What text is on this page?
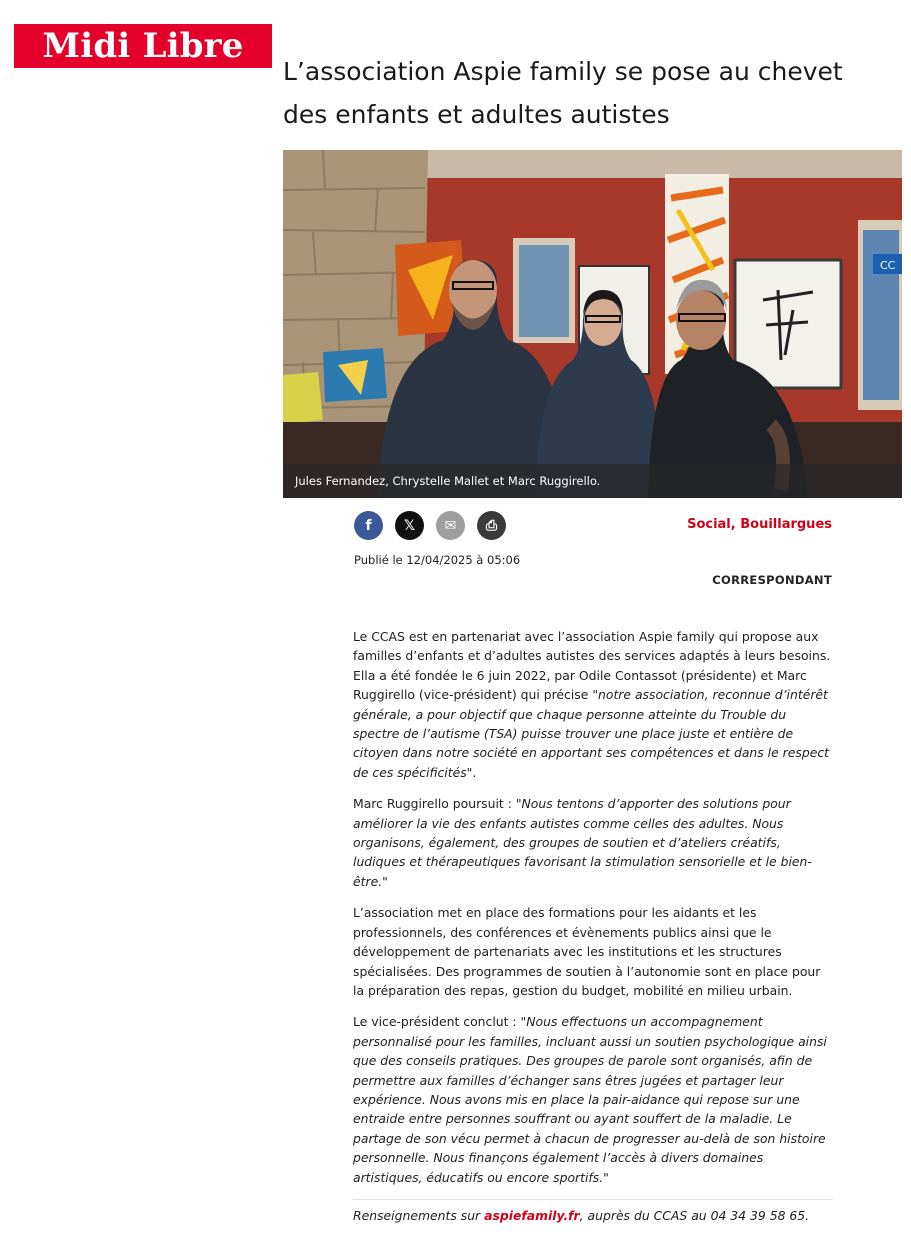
Midi Libre
L’association Aspie family se pose au chevet des enfants et adultes autistes
CC
Jules Fernandez, Chrystelle Mallet et Marc Ruggirello.
f	𝕏	✉	⎙	Social, Bouillargues
Publié le 12/04/2025 à 05:06
CORRESPONDANT

Le CCAS est en partenariat avec l’association Aspie family qui propose aux familles d’enfants et d’adultes autistes des services adaptés à leurs besoins. Ella a été fondée le 6 juin 2022, par Odile Contassot (présidente) et Marc Ruggirello (vice-président) qui précise "notre association, reconnue d’intérêt générale, a pour objectif que chaque personne atteinte du Trouble du spectre de l’autisme (TSA) puisse trouver une place juste et entière de citoyen dans notre société en apportant ses compétences et dans le respect de ces spécificités".

Marc Ruggirello poursuit : "Nous tentons d’apporter des solutions pour améliorer la vie des enfants autistes comme celles des adultes. Nous organisons, également, des groupes de soutien et d’ateliers créatifs, ludiques et thérapeutiques favorisant la stimulation sensorielle et le bien-être."

L’association met en place des formations pour les aidants et les professionnels, des conférences et évènements publics ainsi que le développement de partenariats avec les institutions et les structures spécialisées. Des programmes de soutien à l’autonomie sont en place pour la préparation des repas, gestion du budget, mobilité en milieu urbain.

Le vice-président conclut : "Nous effectuons un accompagnement personnalisé pour les familles, incluant aussi un soutien psychologique ainsi que des conseils pratiques. Des groupes de parole sont organisés, afin de permettre aux familles d’échanger sans êtres jugées et partager leur expérience. Nous avons mis en place la pair-aidance qui repose sur une entraide entre personnes souffrant ou ayant souffert de la maladie. Le partage de son vécu permet à chacun de progresser au-delà de son histoire personnelle. Nous finançons également l’accès à divers domaines artistiques, éducatifs ou encore sportifs."

Renseignements sur aspiefamily.fr, auprès du CCAS au 04 34 39 58 65.
